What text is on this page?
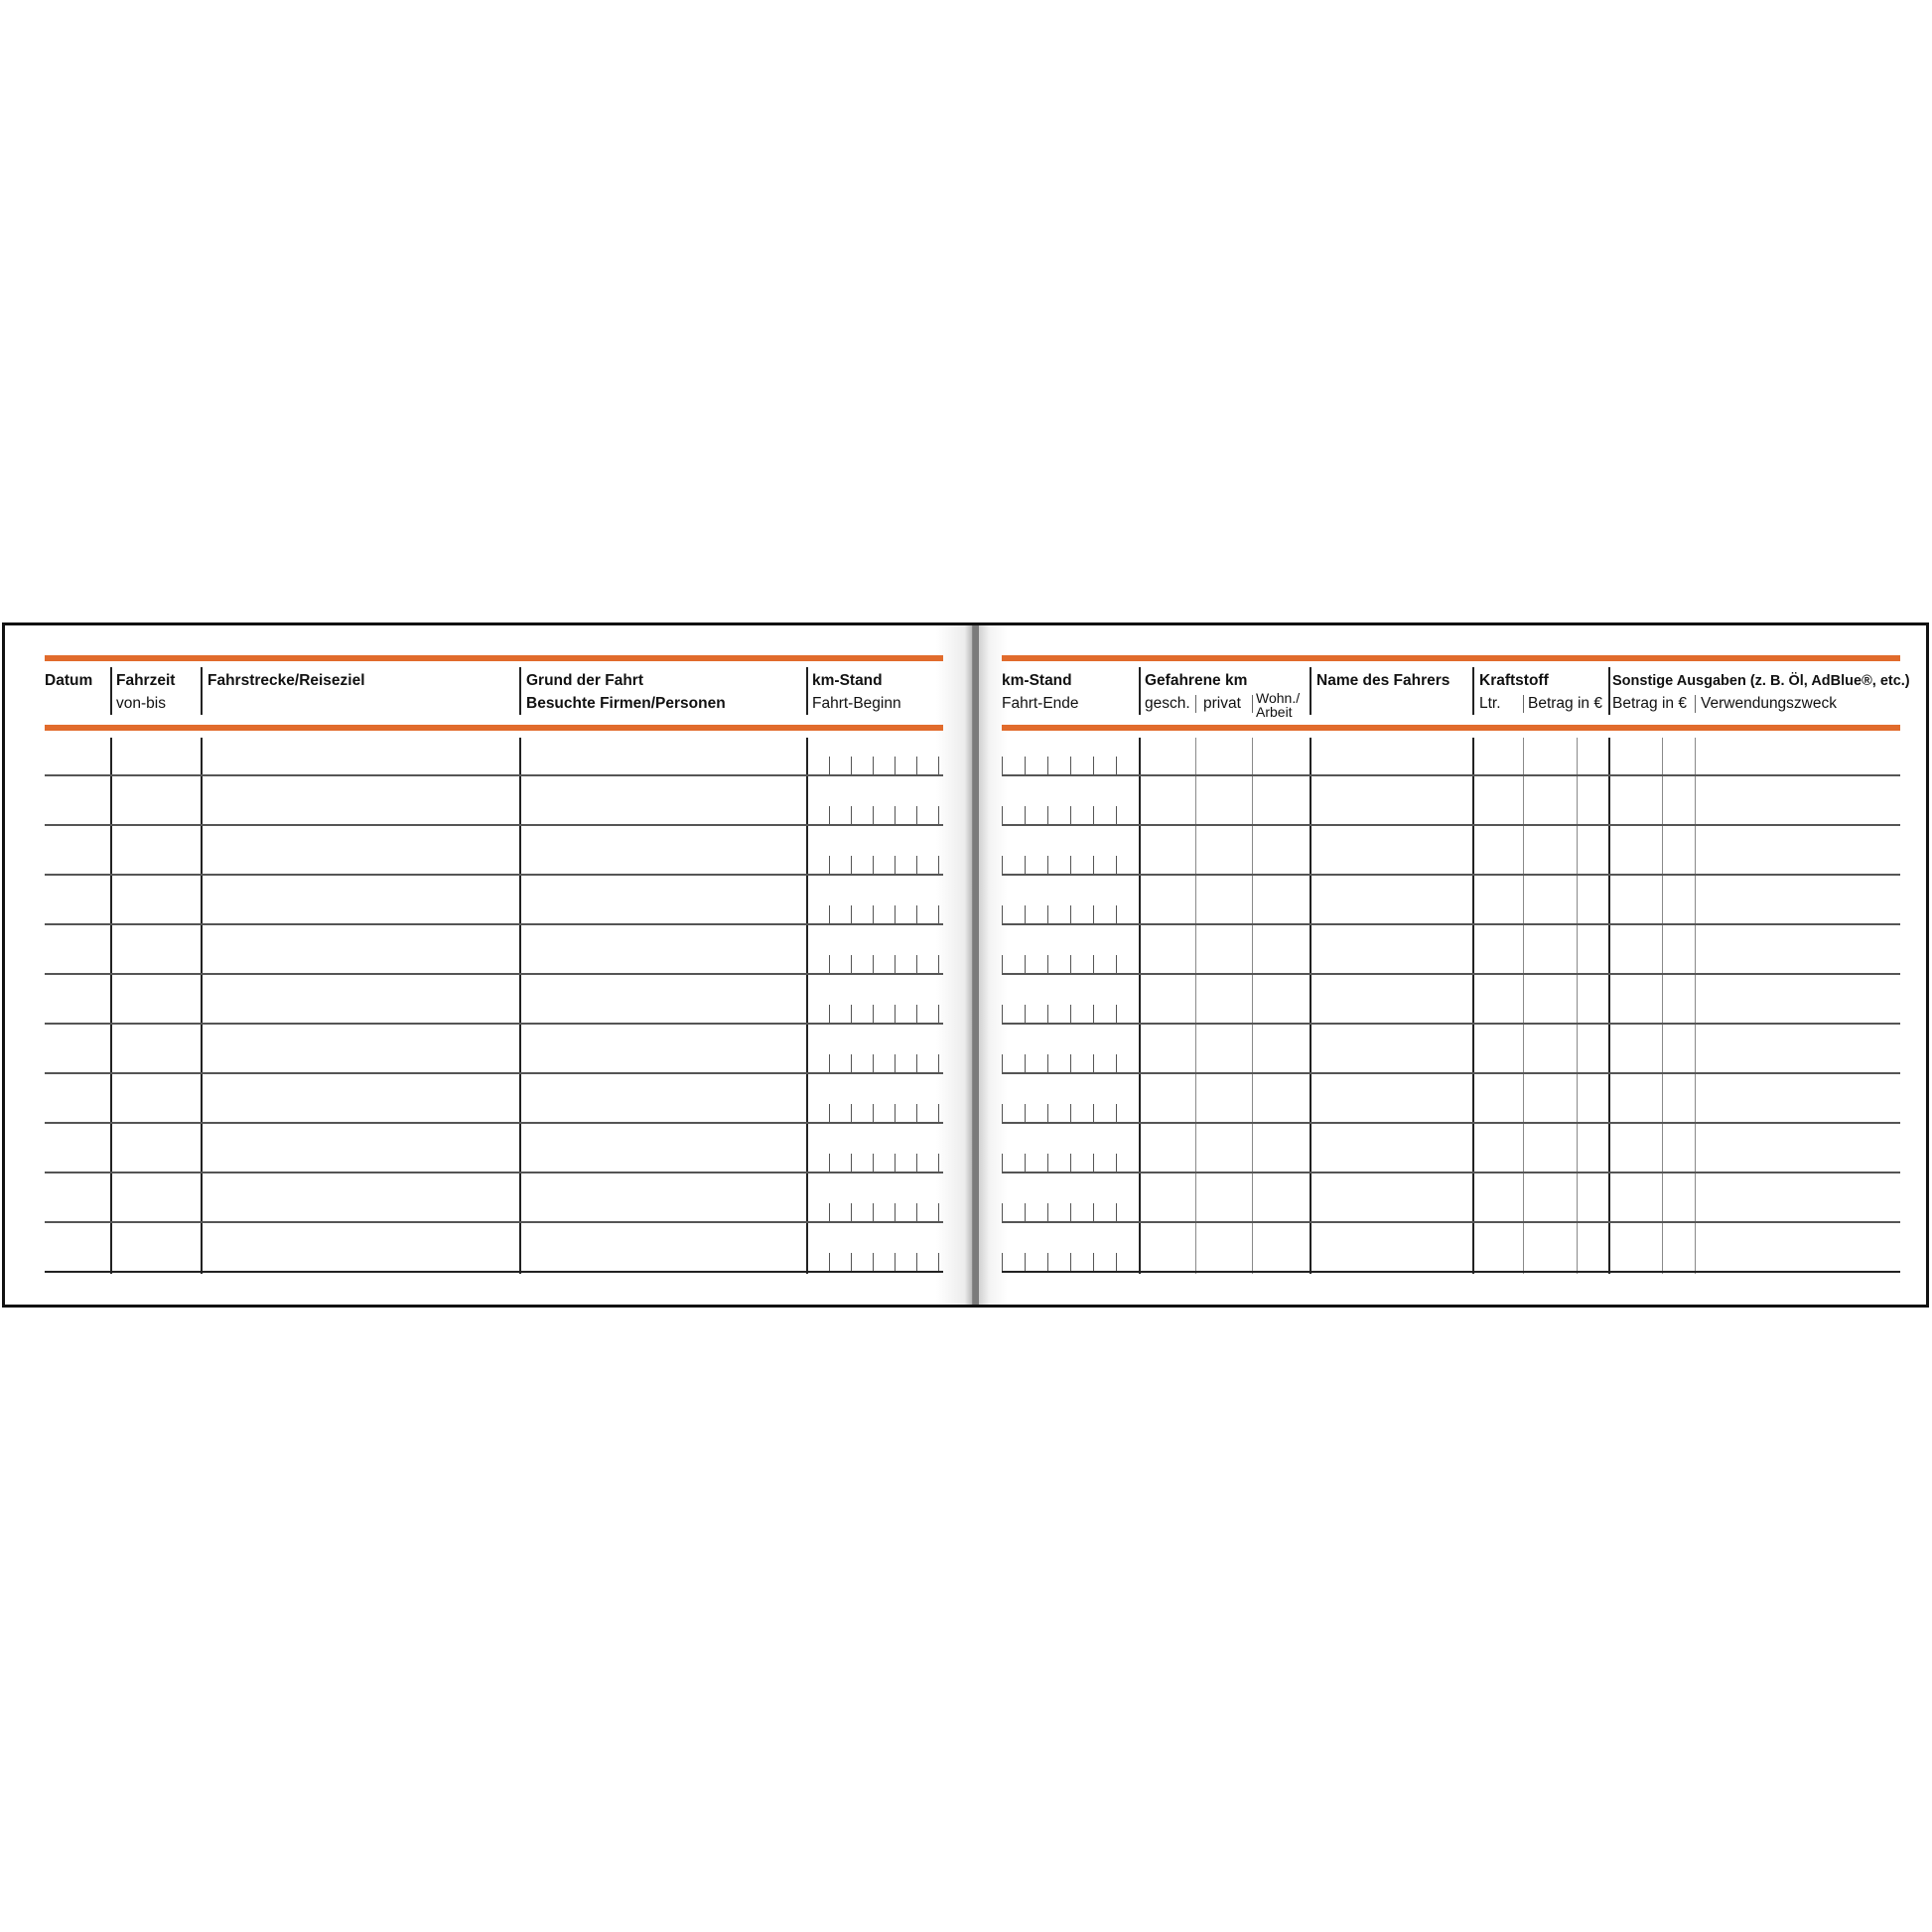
Datum Fahrzeit
von-bis
Fahrstrecke/Reiseziel	Grund der Fahrt
Besuchte Firmen/Personen
km-Stand
Fahrt-Beginn
km-Stand
Fahrt-Ende
Gefahrene km
gesch. privat Wohn./
Arbeit
Name des Fahrers Kraftstoff
Ltr. Betrag in €
Sonstige Ausgaben (z. B. Öl, AdBlue®, etc.)
Betrag in € Verwendungszweck
